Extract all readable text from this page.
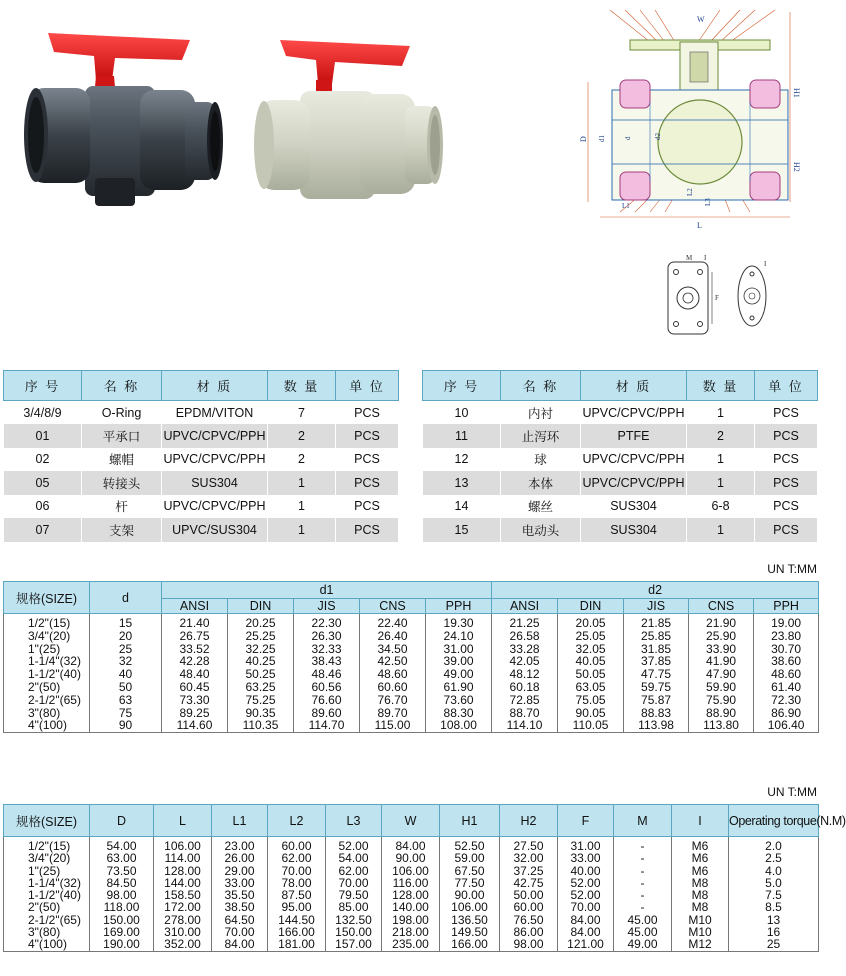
W
H1
H2
D d1	d	d2
L
L1
L2
L3
M I
F
I
序 号	名 称	材 质	数 量	单 位
3/4/8/9	O-Ring	EPDM/VITON	7	PCS
01	平承口	UPVC/CPVC/PPH	2	PCS
02	螺帽	UPVC/CPVC/PPH	2	PCS
05	转接头	SUS304	1	PCS
06	杆	UPVC/CPVC/PPH	1	PCS
07	支架	UPVC/SUS304	1	PCS
序 号	名 称	材 质	数 量	单 位
10	内衬	UPVC/CPVC/PPH	1	PCS
11	止泻环	PTFE	2	PCS
12	球	UPVC/CPVC/PPH	1	PCS
13	本体	UPVC/CPVC/PPH	1	PCS
14	螺丝	SUS304	6-8	PCS
15	电动头	SUS304	1	PCS
UN T:MM
规格(SIZE)	d	d1					d2				
		ANSI	DIN	JIS	CNS	PPH	ANSI	DIN	JIS	CNS	PPH
1/2"(15)	15	21.40	20.25	22.30	22.40	19.30	21.25	20.05	21.85	21.90	19.00
3/4"(20)	20	26.75	25.25	26.30	26.40	24.10	26.58	25.05	25.85	25.90	23.80
1"(25)	25	33.52	32.25	32.33	34.50	31.00	33.28	32.05	31.85	33.90	30.70
1-1/4"(32)	32	42.28	40.25	38.43	42.50	39.00	42.05	40.05	37.85	41.90	38.60
1-1/2"(40)	40	48.40	50.25	48.46	48.60	49.00	48.12	50.05	47.75	47.90	48.60
2"(50)	50	60.45	63.25	60.56	60.60	61.90	60.18	63.05	59.75	59.90	61.40
2-1/2"(65)	63	73.30	75.25	76.60	76.70	73.60	72.85	75.05	75.87	75.90	72.30
3"(80)	75	89.25	90.35	89.60	89.70	88.30	88.70	90.05	88.83	88.90	86.90
4"(100)	90	114.60	110.35	114.70	115.00	108.00	114.10	110.05	113.98	113.80	106.40
UN T:MM
规格(SIZE)	D	L	L1	L2	L3	W	H1	H2	F	M	I	Operating torque(N.M)
1/2"(15)	54.00	106.00	23.00	60.00	52.00	84.00	52.50	27.50	31.00	-	M6	2.0
3/4"(20)	63.00	114.00	26.00	62.00	54.00	90.00	59.00	32.00	33.00	-	M6	2.5
1"(25)	73.50	128.00	29.00	70.00	62.00	106.00	67.50	37.25	40.00	-	M6	4.0
1-1/4"(32)	84.50	144.00	33.00	78.00	70.00	116.00	77.50	42.75	52.00	-	M8	5.0
1-1/2"(40)	98.00	158.50	35.50	87.50	79.50	128.00	90.00	50.00	52.00	-	M8	7.5
2"(50)	118.00	172.00	38.50	95.00	85.00	140.00	106.00	60.00	70.00	-	M8	8.5
2-1/2"(65)	150.00	278.00	64.50	144.50	132.50	198.00	136.50	76.50	84.00	45.00	M10	13
3"(80)	169.00	310.00	70.00	166.00	150.00	218.00	149.50	86.00	84.00	45.00	M10	16
4"(100)	190.00	352.00	84.00	181.00	157.00	235.00	166.00	98.00	121.00	49.00	M12	25
